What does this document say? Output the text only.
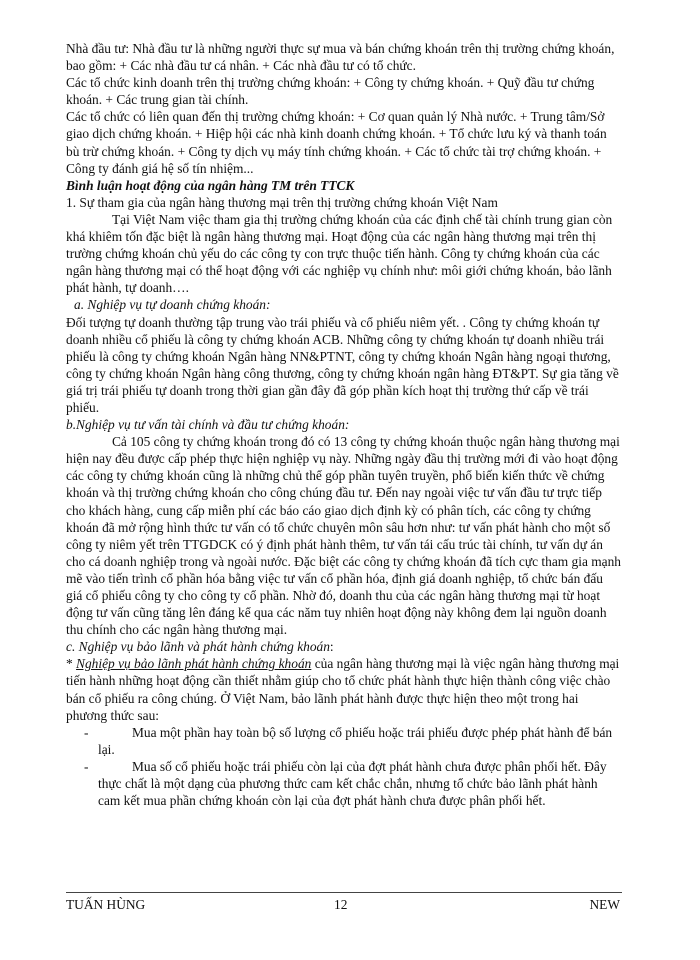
Nhà đầu tư: Nhà đầu tư là những người thực sự mua và bán chứng khoán trên thị trường chứng khoán, bao gồm: + Các nhà đầu tư cá nhân. + Các nhà đầu tư có tổ chức.

Các tổ chức kinh doanh trên thị trường chứng khoán: + Công ty chứng khoán. + Quỹ đầu tư chứng khoán. + Các trung gian tài chính.

Các tổ chức có liên quan đến thị trường chứng khoán: + Cơ quan quản lý Nhà nước. + Trung tâm/Sở giao dịch chứng khoán. + Hiệp hội các nhà kinh doanh chứng khoán. + Tổ chức lưu ký và thanh toán bù trừ chứng khoán. + Công ty dịch vụ máy tính chứng khoán. + Các tổ chức tài trợ chứng khoán. + Công ty đánh giá hệ số tín nhiệm...

Bình luận hoạt động của ngân hàng TM trên TTCK

1. Sự tham gia của ngân hàng thương mại trên thị trường chứng khoán Việt Nam

Tại Việt Nam việc tham gia thị trường chứng khoán của các định chế tài chính trung gian còn khá khiêm tốn đặc biệt là ngân hàng thương mại. Hoạt động của các ngân hàng thương mại trên thị trường chứng khoán chủ yếu do các công ty con trực thuộc tiến hành. Công ty chứng khoán của các ngân hàng thương mại có thể hoạt động với các nghiệp vụ chính như: môi giới chứng khoán, bảo lãnh phát hành, tự doanh….

a. Nghiệp vụ tự doanh chứng khoán:

Đối tượng tự doanh thường tập trung vào trái phiếu và cổ phiếu niêm yết. . Công ty chứng khoán tự doanh nhiều cổ phiếu là công ty chứng khoán ACB. Những công ty chứng khoán tự doanh nhiều trái phiếu là công ty chứng khoán Ngân hàng NN&PTNT, công ty chứng khoán Ngân hàng ngoại thương, công ty chứng khoán Ngân hàng công thương, công ty chứng khoán ngân hàng ĐT&PT. Sự gia tăng về giá trị trái phiếu tự doanh trong thời gian gần đây đã góp phần kích hoạt thị trường thứ cấp về trái phiếu.

b.Nghiệp vụ tư vấn tài chính và đầu tư chứng khoán:

Cả 105 công ty chứng khoán trong đó có 13 công ty chứng khoán thuộc ngân hàng thương mại hiện nay đều được cấp phép thực hiện nghiệp vụ này. Những ngày đầu thị trường mới đi vào hoạt động các công ty chứng khoán cũng là những chủ thể góp phần tuyên truyền, phổ biến kiến thức về chứng khoán và thị trường chứng khoán cho công chúng đầu tư. Đến nay ngoài việc tư vấn đầu tư trực tiếp cho khách hàng, cung cấp miễn phí các báo cáo giao dịch định kỳ có phân tích, các công ty chứng khoán đã mở rộng hình thức tư vấn có tổ chức chuyên môn sâu hơn như: tư vấn phát hành cho một số công ty niêm yết trên TTGDCK có ý định phát hành thêm, tư vấn tái cấu trúc tài chính, tư vấn dự án cho cá doanh nghiệp trong và ngoài nước. Đặc biệt các công ty chứng khoán đã tích cực tham gia mạnh mẽ vào tiến trình cổ phần hóa bằng việc tư vấn cổ phần hóa, định giá doanh nghiệp, tổ chức bán đấu giá cổ phiếu công ty cho công ty cổ phần. Nhờ đó, doanh thu của các ngân hàng thương mại từ hoạt động tư vấn cũng tăng lên đáng kể qua các năm tuy nhiên hoạt động này không đem lại nguồn doanh thu chính cho các ngân hàng thương mại.

c. Nghiệp vụ bảo lãnh và phát hành chứng khoán:

* Nghiệp vụ bảo lãnh phát hành chứng khoán của ngân hàng thương mại là việc ngân hàng thương mại tiến hành những hoạt động cần thiết nhằm giúp cho tổ chức phát hành thực hiện thành công việc chào bán cổ phiếu ra công chúng. Ở Việt Nam, bảo lãnh phát hành được thực hiện theo một trong hai phương thức sau:

-	Mua một phần hay toàn bộ số lượng cổ phiếu hoặc trái phiếu được phép phát hành để bán lại.
-	Mua số cổ phiếu hoặc trái phiếu còn lại của đợt phát hành chưa được phân phối hết. Đây thực chất là một dạng của phương thức cam kết chắc chắn, nhưng tổ chức bảo lãnh phát hành cam kết mua phần chứng khoán còn lại của đợt phát hành chưa được phân phối hết.
TUẤN HÙNG	12	NEW
